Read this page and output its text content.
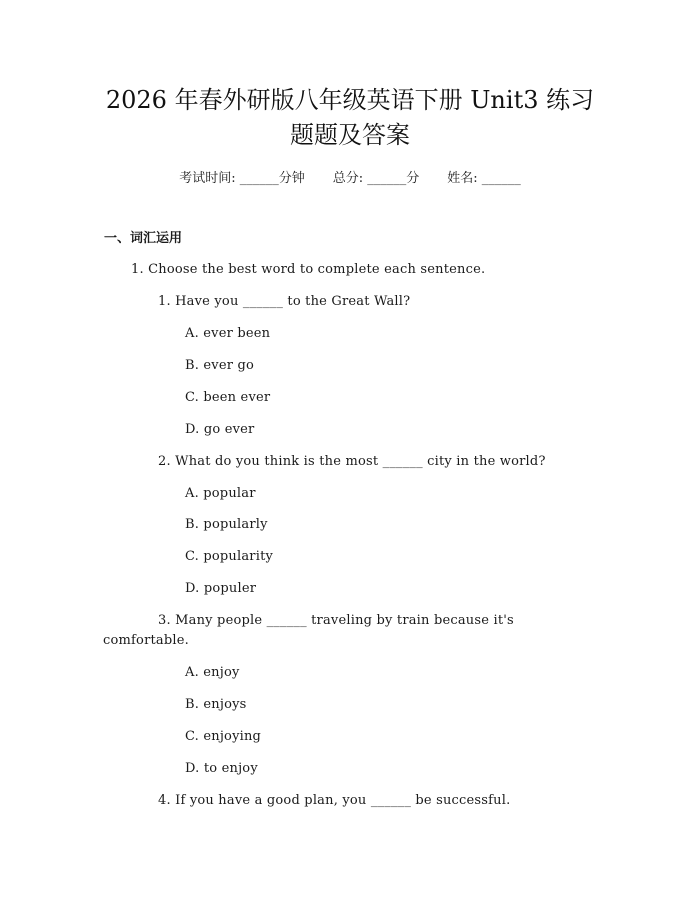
2026 年春外研版八年级英语下册 Unit3 练习
题题及答案
考试时间: ______分钟 总分: ______分 姓名: ______
一、词汇运用
1. Choose the best word to complete each sentence.
1. Have you ______ to the Great Wall?
A. ever been
B. ever go
C. been ever
D. go ever
2. What do you think is the most ______ city in the world?
A. popular
B. popularly
C. popularity
D. populer
3. Many people ______ traveling by train because it's
comfortable.
A. enjoy
B. enjoys
C. enjoying
D. to enjoy
4. If you have a good plan, you ______ be successful.
